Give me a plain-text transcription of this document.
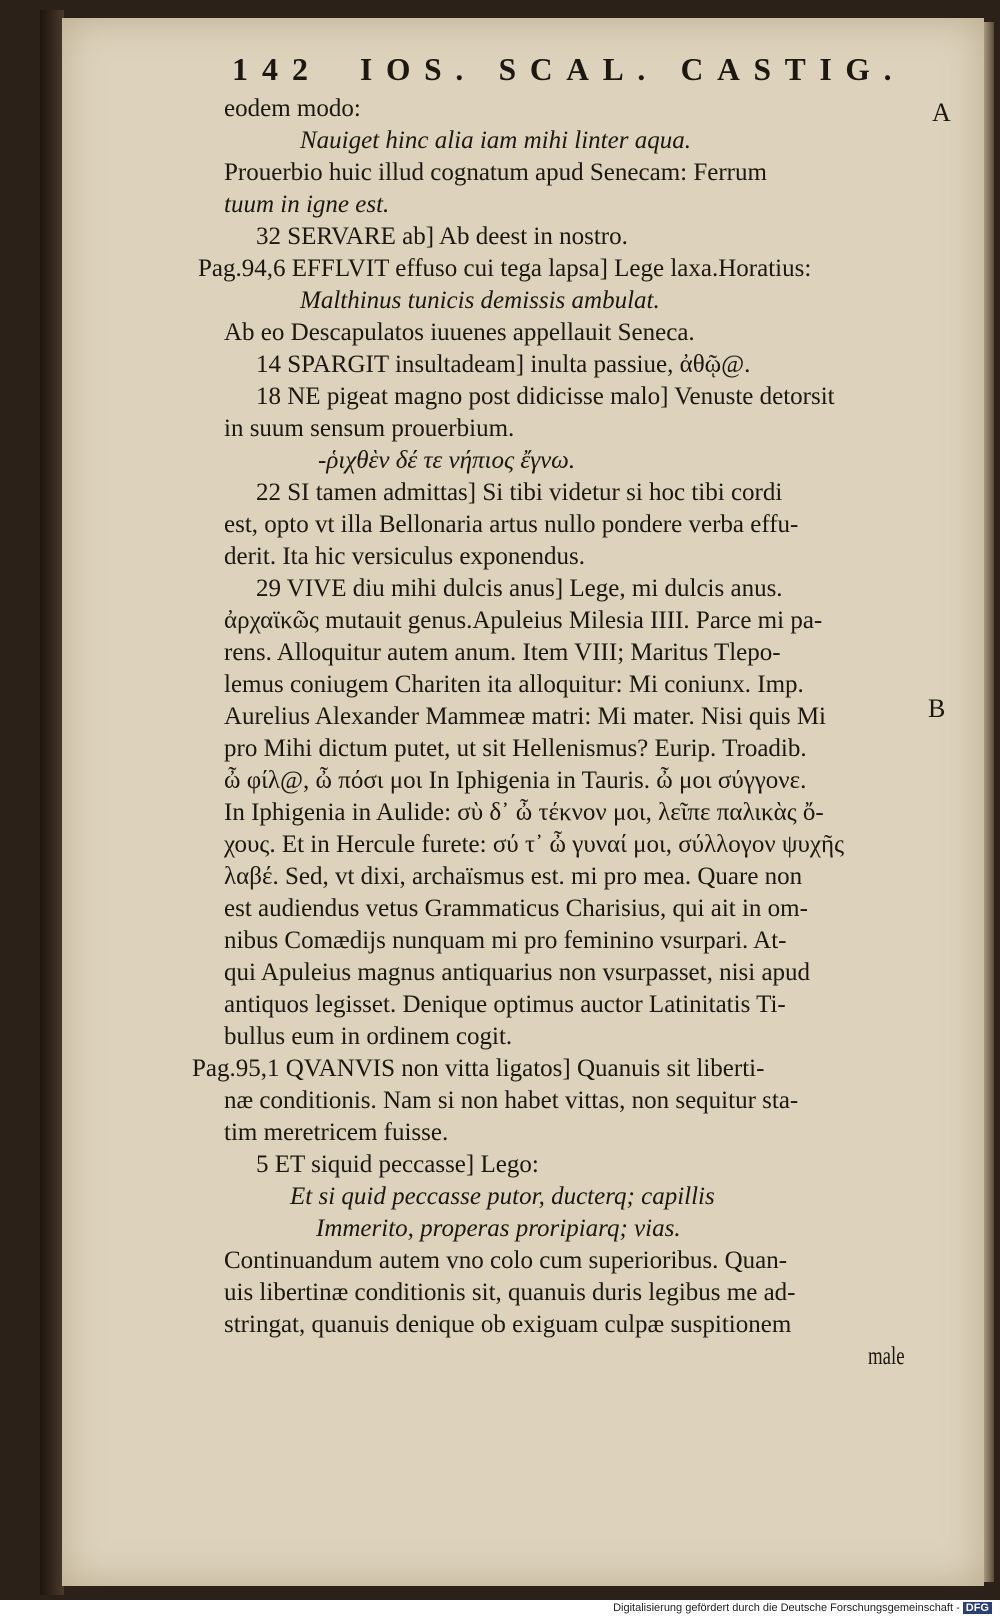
142 IOS. SCAL. CASTIG.
A
B
eodem modo:
Nauiget hinc alia iam mihi linter aqua.
Prouerbio huic illud cognatum apud Senecam: Ferrum
tuum in igne est.
32 SERVARE ab] Ab deest in nostro.
Pag.94,6 EFFLVIT effuso cui tega lapsa] Lege laxa.Horatius:
Malthinus tunicis demissis ambulat.
Ab eo Descapulatos iuuenes appellauit Seneca.
14 SPARGIT insultadeam] inulta passiue, ἀθῷ@.
18 NE pigeat magno post didicisse malo] Venuste detorsit
in suum sensum prouerbium.
-ῥιχθὲν δέ τε νήπιος ἔγνω.
22 SI tamen admittas] Si tibi videtur si hoc tibi cordi
est, opto vt illa Bellonaria artus nullo pondere verba effu-
derit. Ita hic versiculus exponendus.
29 VIVE diu mihi dulcis anus] Lege, mi dulcis anus.
ἀρχαϊκῶς mutauit genus.Apuleius Milesia IIII. Parce mi pa-
rens. Alloquitur autem anum. Item VIII; Maritus Tlepo-
lemus coniugem Chariten ita alloquitur: Mi coniunx. Imp.
Aurelius Alexander Mammeæ matri: Mi mater. Nisi quis Mi
pro Mihi dictum putet, ut sit Hellenismus? Eurip. Troadib.
ὦ φίλ@, ὦ πόσι μοι In Iphigenia in Tauris. ὦ μοι σύγγονε.
In Iphigenia in Aulide: σὺ δ᾽ ὦ τέκνον μοι, λεῖπε παλικὰς ὄ-
χους. Et in Hercule furete: σύ τ᾽ ὦ γυναί μοι, σύλλογον ψυχῆς
λαβέ. Sed, vt dixi, archaïsmus est. mi pro mea. Quare non
est audiendus vetus Grammaticus Charisius, qui ait in om-
nibus Comædijs nunquam mi pro feminino vsurpari. At-
qui Apuleius magnus antiquarius non vsurpasset, nisi apud
antiquos legisset. Denique optimus auctor Latinitatis Ti-
bullus eum in ordinem cogit.
Pag.95,1 QVANVIS non vitta ligatos] Quanuis sit liberti-
næ conditionis. Nam si non habet vittas, non sequitur sta-
tim meretricem fuisse.
5 ET siquid peccasse] Lego:
Et si quid peccasse putor, ducterq; capillis
Immerito, properas proripiarq; vias.
Continuandum autem vno colo cum superioribus. Quan-
uis libertinæ conditionis sit, quanuis duris legibus me ad-
stringat, quanuis denique ob exiguam culpæ suspitionem
male
Digitalisierung gefördert durch die Deutsche Forschungsgemeinschaft - DFG
